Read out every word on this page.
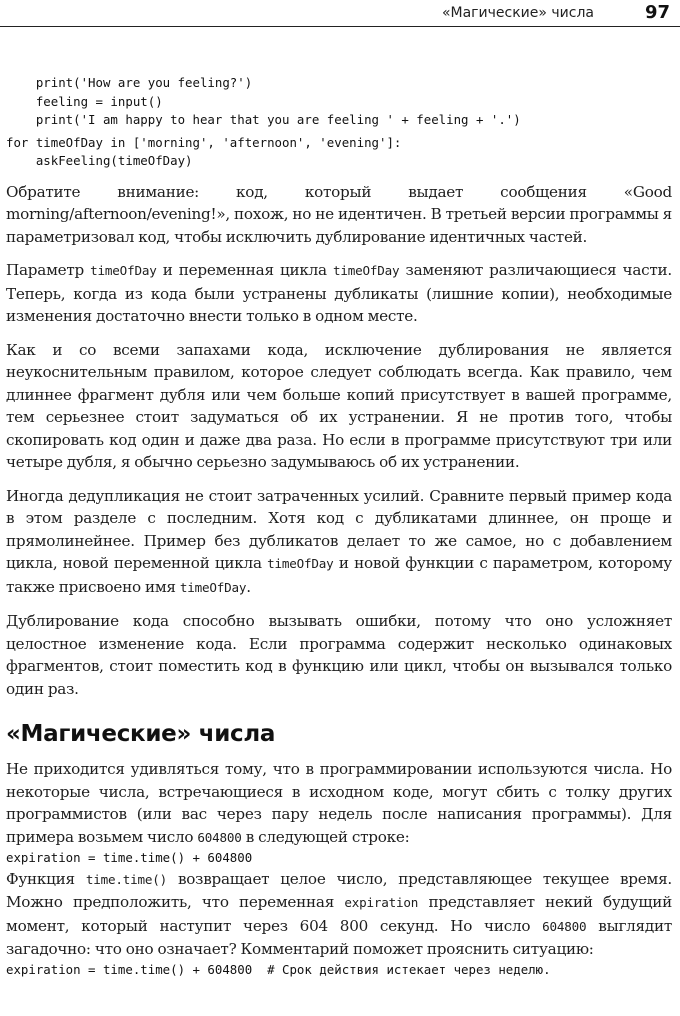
«Магические» числа	97
print('How are you feeling?')
feeling = input()
print('I am happy to hear that you are feeling ' + feeling + '.')
for timeOfDay in ['morning', 'afternoon', 'evening']:
askFeeling(timeOfDay)

Обратите внимание: код, который выдает сообщения «Good morning/afternoon/evening!», похож, но не идентичен. В третьей версии программы я параметризовал код, чтобы исключить дублирование идентичных частей.

Параметр timeOfDay и переменная цикла timeOfDay заменяют различающиеся части. Теперь, когда из кода были устранены дубликаты (лишние копии), необходимые изменения достаточно внести только в одном месте.

Как и со всеми запахами кода, исключение дублирования не является неукоснительным правилом, которое следует соблюдать всегда. Как правило, чем длиннее фрагмент дубля или чем больше копий присутствует в вашей программе, тем серьезнее стоит задуматься об их устранении. Я не против того, чтобы скопировать код один и даже два раза. Но если в программе присутствуют три или четыре дубля, я обычно серьезно задумываюсь об их устранении.

Иногда дедупликация не стоит затраченных усилий. Сравните первый пример кода в этом разделе с последним. Хотя код с дубликатами длиннее, он проще и прямолинейнее. Пример без дубликатов делает то же самое, но с добавлением цикла, новой переменной цикла timeOfDay и новой функции с параметром, которому также присвоено имя timeOfDay.

Дублирование кода способно вызывать ошибки, потому что оно усложняет целостное изменение кода. Если программа содержит несколько одинаковых фрагментов, стоит поместить код в функцию или цикл, чтобы он вызывался только один раз.

«Магические» числа

Не приходится удивляться тому, что в программировании используются числа. Но некоторые числа, встречающиеся в исходном коде, могут сбить с толку других программистов (или вас через пару недель после написания программы). Для примера возьмем число 604800 в следующей строке:

expiration = time.time() + 604800

Функция time.time() возвращает целое число, представляющее текущее время. Можно предположить, что переменная expiration представляет некий будущий момент, который наступит через 604 800 секунд. Но число 604800 выглядит загадочно: что оно означает? Комментарий поможет прояснить ситуацию:

expiration = time.time() + 604800  # Срок действия истекает через неделю.
